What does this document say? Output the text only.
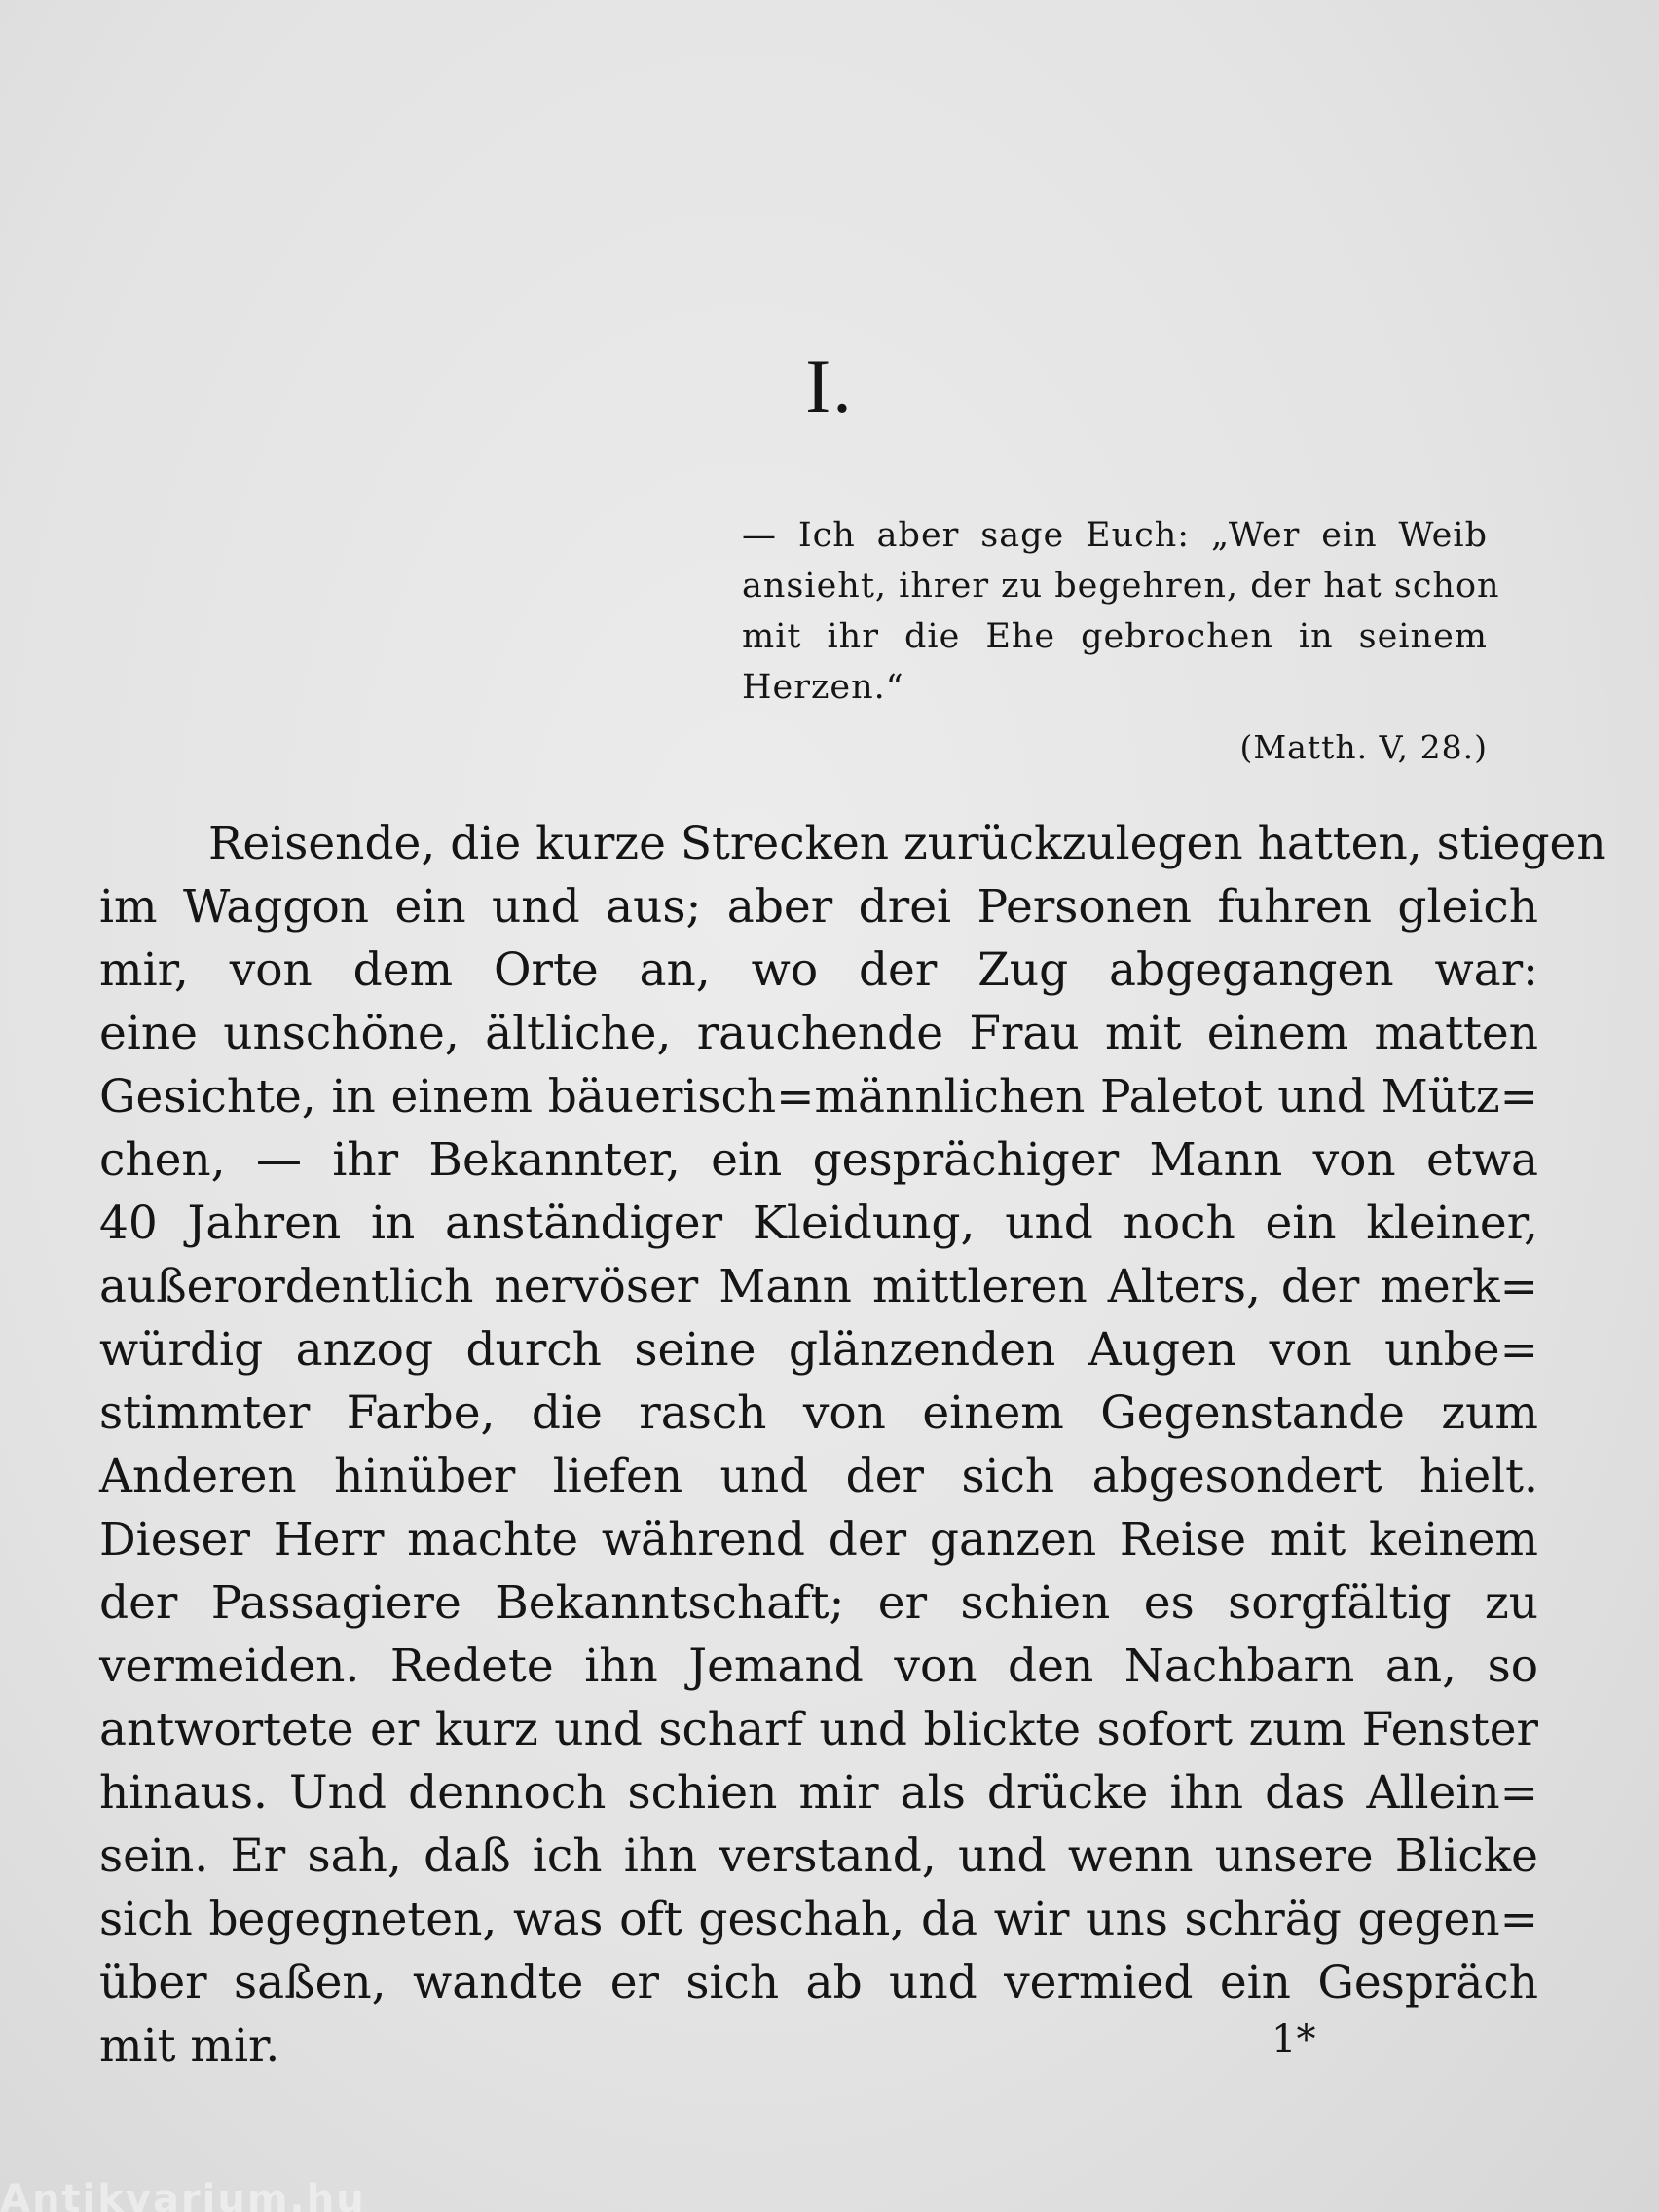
I.
— Ich aber sage Euch: „Wer ein Weib
ansieht, ihrer zu begehren, der hat schon
mit ihr die Ehe gebrochen in seinem
Herzen.“
(Matth. V, 28.)
Reisende, die kurze Strecken zurückzulegen hatten, stiegen
im Waggon ein und aus; aber drei Personen fuhren gleich
mir, von dem Orte an, wo der Zug abgegangen war:
eine unschöne, ältliche, rauchende Frau mit einem matten
Gesichte, in einem bäuerisch=männlichen Paletot und Mütz=
chen, — ihr Bekannter, ein gesprächiger Mann von etwa
40 Jahren in anständiger Kleidung, und noch ein kleiner,
außerordentlich nervöser Mann mittleren Alters, der merk=
würdig anzog durch seine glänzenden Augen von unbe=
stimmter Farbe, die rasch von einem Gegenstande zum
Anderen hinüber liefen und der sich abgesondert hielt.
Dieser Herr machte während der ganzen Reise mit keinem
der Passagiere Bekanntschaft; er schien es sorgfältig zu
vermeiden. Redete ihn Jemand von den Nachbarn an, so
antwortete er kurz und scharf und blickte sofort zum Fenster
hinaus. Und dennoch schien mir als drücke ihn das Allein=
sein. Er sah, daß ich ihn verstand, und wenn unsere Blicke
sich begegneten, was oft geschah, da wir uns schräg gegen=
über saßen, wandte er sich ab und vermied ein Gespräch
mit mir.	1*
Antikvarium.hu
